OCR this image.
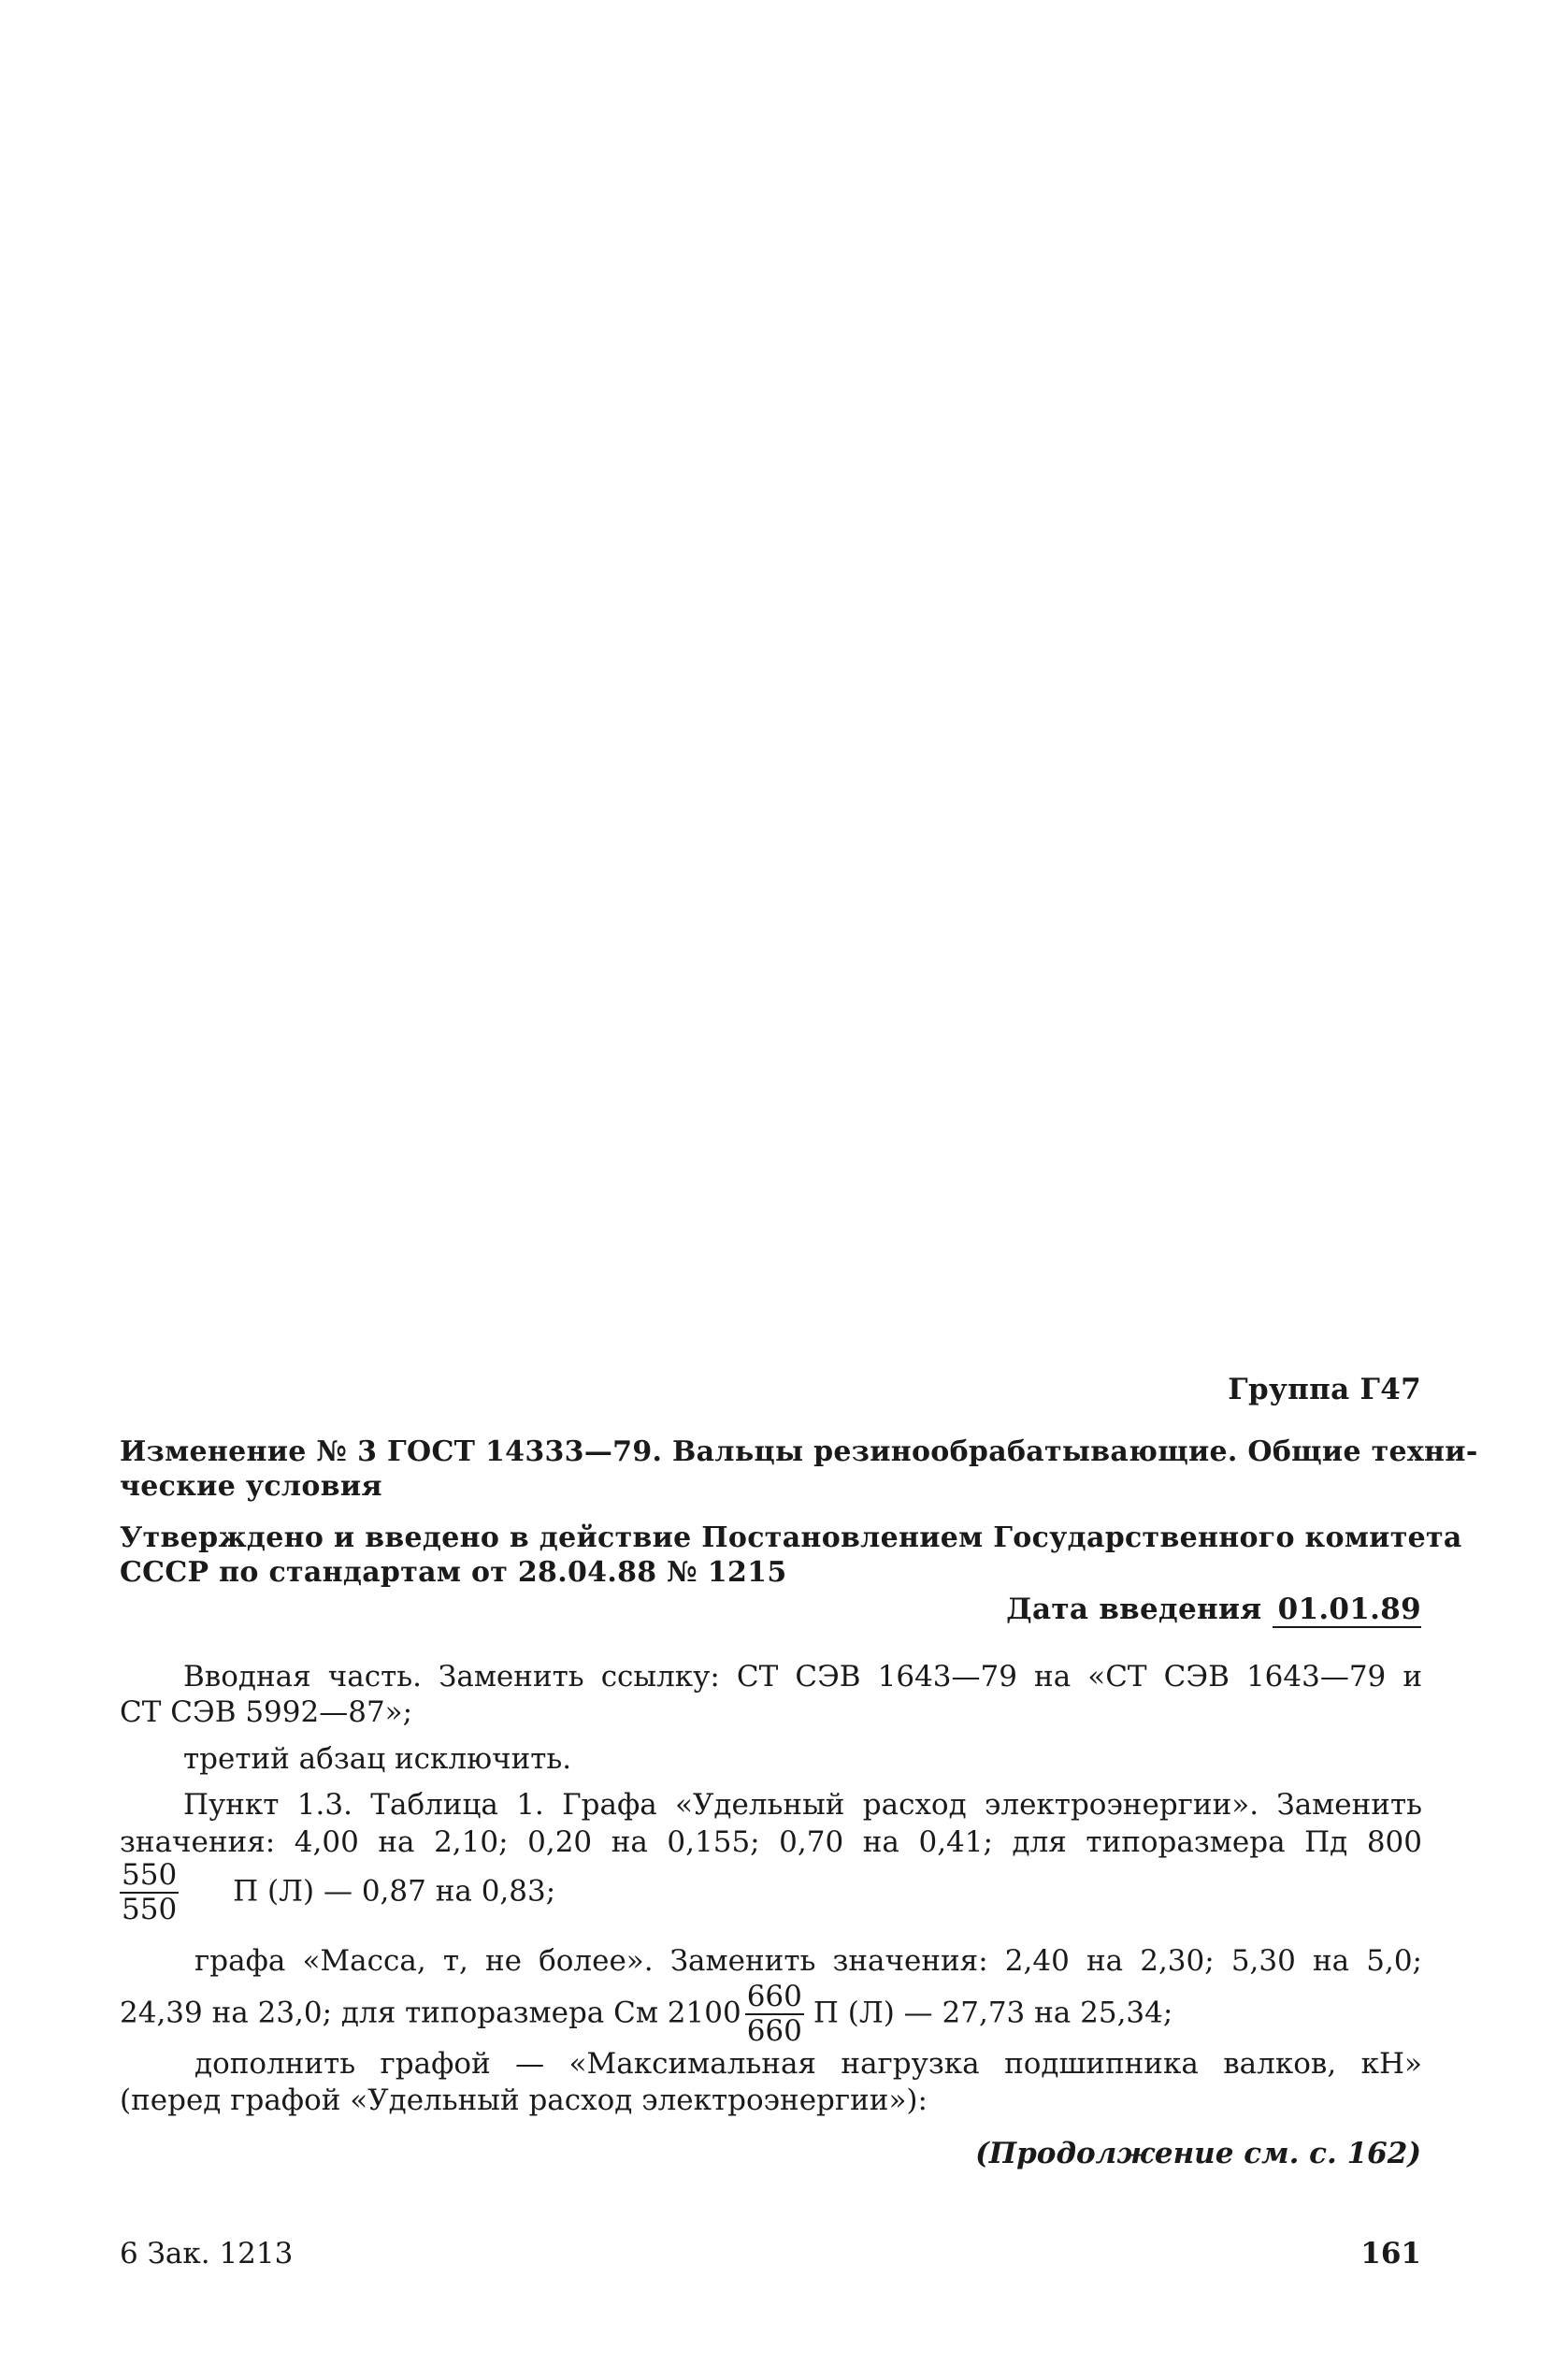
Группа Г47
Изменение № 3 ГОСТ 14333—79. Вальцы резинообрабатывающие. Общие техни-
ческие условия
Утверждено и введено в действие Постановлением Государственного комитета
СССР по стандартам от 28.04.88 № 1215
Дата введения 01.01.89
Вводная часть. Заменить ссылку: СТ СЭВ 1643—79 на «СТ СЭВ 1643—79 и
СТ СЭВ 5992—87»;
третий абзац исключить.
Пункт 1.3. Таблица 1. Графа «Удельный расход электроэнергии». Заменить
значения: 4,00 на 2,10; 0,20 на 0,155; 0,70 на 0,41; для типоразмера Пд 800
$\frac{550}{550}$ П (Л) — 0,87 на 0,83;
графа «Масса, т, не более». Заменить значения: 2,40 на 2,30; 5,30 на 5,0;
24,39 на 23,0; для типоразмера См $2100 \frac{660}{660}$ П (Л) — 27,73 на 25,34;
дополнить графой — «Максимальная нагрузка подшипника валков, кН»
(перед графой «Удельный расход электроэнергии»):
(Продолжение см. с. 162)
6 Зак. 1213	161
